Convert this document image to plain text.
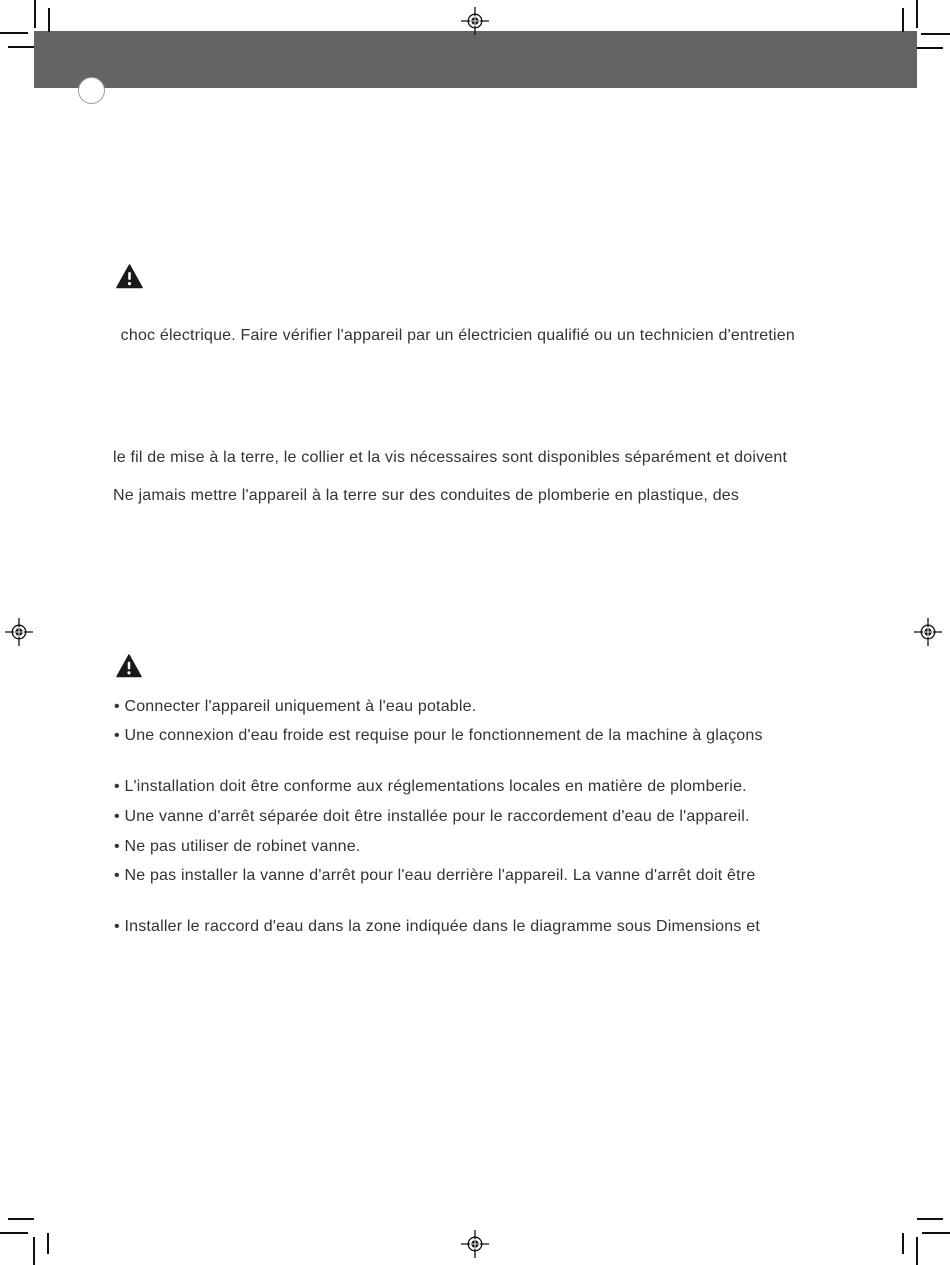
choc électrique. Faire vérifier l'appareil par un électricien qualifié ou un technicien d'entretien
le fil de mise à la terre, le collier et la vis nécessaires sont disponibles séparément et doivent
Ne jamais mettre l'appareil à la terre sur des conduites de plomberie en plastique, des
• Connecter l'appareil uniquement à l'eau potable.
• Une connexion d'eau froide est requise pour le fonctionnement de la machine à glaçons
• L'installation doit être conforme aux réglementations locales en matière de plomberie.
• Une vanne d'arrêt séparée doit être installée pour le raccordement d'eau de l'appareil.
• Ne pas utiliser de robinet vanne.
• Ne pas installer la vanne d'arrêt pour l'eau derrière l'appareil. La vanne d'arrêt doit être
• Installer le raccord d'eau dans la zone indiquée dans le diagramme sous Dimensions et
